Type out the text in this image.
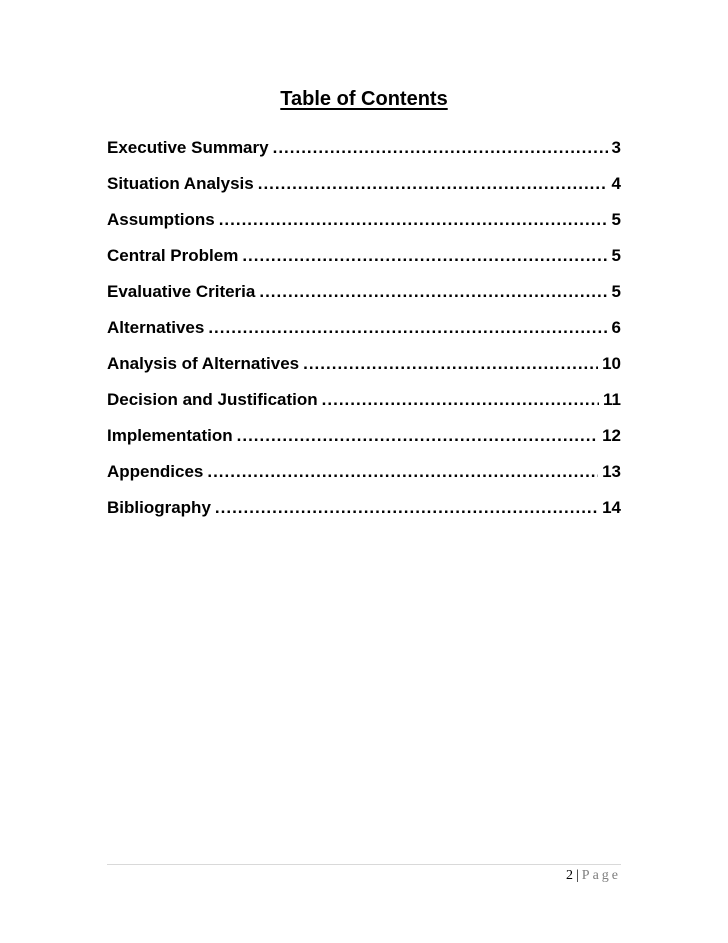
Table of Contents
Executive Summary .....	3
Situation Analysis .....	4
Assumptions .....	5
Central Problem .....	5
Evaluative Criteria .....	5
Alternatives .....	6
Analysis of Alternatives .....	10
Decision and Justification .....	11
Implementation .....	12
Appendices .....	13
Bibliography .....	14
2 | Page
